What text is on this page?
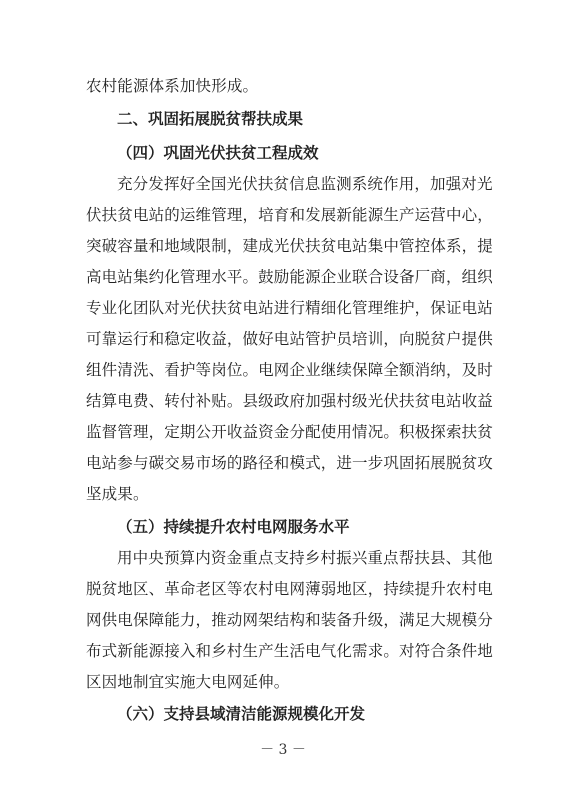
农村能源体系加快形成。
二、巩固拓展脱贫帮扶成果
（四）巩固光伏扶贫工程成效
充分发挥好全国光伏扶贫信息监测系统作用，加强对光
伏扶贫电站的运维管理，培育和发展新能源生产运营中心，
突破容量和地域限制，建成光伏扶贫电站集中管控体系，提
高电站集约化管理水平。鼓励能源企业联合设备厂商，组织
专业化团队对光伏扶贫电站进行精细化管理维护，保证电站
可靠运行和稳定收益，做好电站管护员培训，向脱贫户提供
组件清洗、看护等岗位。电网企业继续保障全额消纳，及时
结算电费、转付补贴。县级政府加强村级光伏扶贫电站收益
监督管理，定期公开收益资金分配使用情况。积极探索扶贫
电站参与碳交易市场的路径和模式，进一步巩固拓展脱贫攻
坚成果。
（五）持续提升农村电网服务水平
用中央预算内资金重点支持乡村振兴重点帮扶县、其他
脱贫地区、革命老区等农村电网薄弱地区，持续提升农村电
网供电保障能力，推动网架结构和装备升级，满足大规模分
布式新能源接入和乡村生产生活电气化需求。对符合条件地
区因地制宜实施大电网延伸。
（六）支持县域清洁能源规模化开发
－ 3 －
